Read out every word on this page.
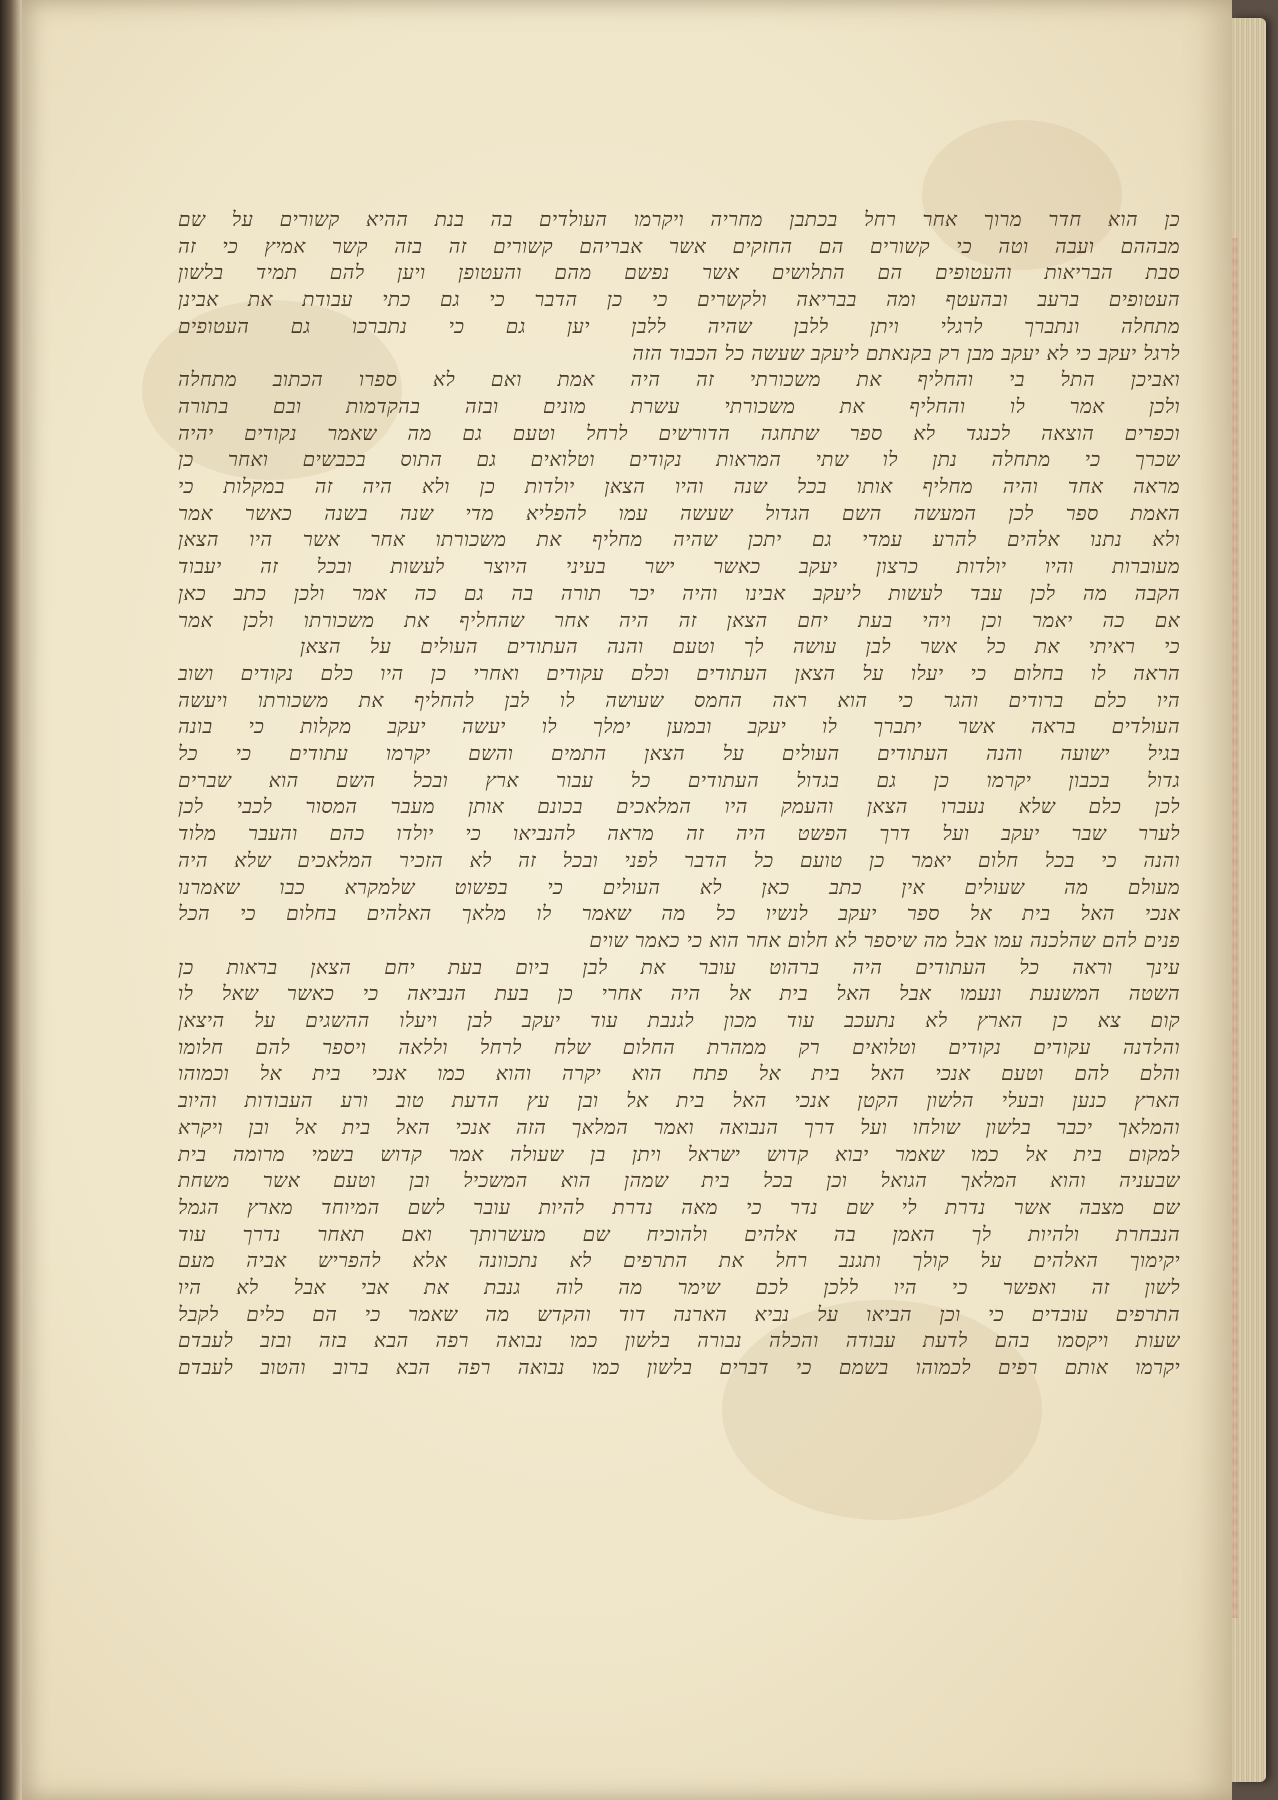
כן הוא חדר מרוך אחר רחל בכתבן מחריה ויקרמו העולדים בה בנת ההיא קשורים על שם
מבההם ועבה וטה כי קשורים הם החזקים אשר אבריהם קשורים זה בזה קשר אמיץ כי זה
סבת הבריאות והעטופים הם התלושים אשר נפשם מהם והעטופן ויען להם תמיד בלשון
העטופים ברעב ובהעטף ומה בבריאה ולקשרים כי כן הדבר כי גם כתי עבודת את אבינן
מתחלה ונתברך לרגלי ויתן ללבן שהיה ללבן יען גם כי נתברכו גם העטופים
לרגל יעקב כי לא יעקב מבן רק בקנאתם ליעקב שעשה כל הכבוד הזה
ואביכן התל בי והחליף את משכורתי זה היה אמת ואם לא ספרו הכתוב מתחלה
ולכן אמר לו והחליף את משכורתי עשרת מונים ובזה בהקדמות ובם בתורה
וכפרים הוצאה לכנגד לא ספר שתחגה הדורשים לרחל וטעם גם מה שאמר נקודים יהיה
שכרך כי מתחלה נתן לו שתי המראות נקודים וטלואים גם התוס בכבשים ואחר כן
מראה אחד והיה מחליף אותו בכל שנה והיו הצאן יולדות כן ולא היה זה במקלות כי
האמת ספר לכן המעשה השם הגדול שעשה עמו להפליא מדי שנה בשנה כאשר אמר
ולא נתנו אלהים להרע עמדי גם יתכן שהיה מחליף את משכורתו אחר אשר היו הצאן
מעוברות והיו יולדות כרצון יעקב כאשר ישר בעיני היוצר לעשות ובכל זה יעבוד
הקבה מה לכן עבד לעשות ליעקב אבינו והיה יכר תורה בה גם כה אמר ולכן כתב כאן
אם כה יאמר וכן ויהי בעת יחם הצאן זה היה אחר שהחליף את משכורתו ולכן אמר
כי ראיתי את כל אשר לבן עושה לך וטעם והנה העתודים העולים על הצאן
הראה לו בחלום כי יעלו על הצאן העתודים וכלם עקודים ואחרי כן היו כלם נקודים ושוב
היו כלם ברודים והגר כי הוא ראה החמס שעושה לו לבן להחליף את משכורתו ויעשה
העולדים בראה אשר יתברך לו יעקב ובמען ימלך לו יעשה יעקב מקלות כי בונה
בגיל ישועה והנה העתודים העולים על הצאן התמים והשם יקרמו עתודים כי כל
גדול בכבון יקרמו כן גם בגדול העתודים כל עבור ארץ ובכל השם הוא שברים
לכן כלם שלא נעברו הצאן והעמק היו המלאכים בכונם אותן מעבר המסור לכבי לכן
לערר שבר יעקב ועל דרך הפשט היה זה מראה להנביאו כי יולדו כהם והעבר מלוד
והנה כי בכל חלום יאמר כן טועם כל הדבר לפני ובכל זה לא הזכיר המלאכים שלא היה
מעולם מה שעולים אין כתב כאן לא העולים כי בפשוט שלמקרא כבו שאמרנו
אנכי האל בית אל ספר יעקב לנשיו כל מה שאמר לו מלאך האלהים בחלום כי הכל
פנים להם שהלכנה עמו אבל מה שיספר לא חלום אחר הוא כי כאמר שוים
עינך וראה כל העתודים היה ברהוט עובר את לבן ביום בעת יחם הצאן בראות כן
השטה המשנעת ונעמו אבל האל בית אל היה אחרי כן בעת הנביאה כי כאשר שאל לו
קום צא כן הארץ לא נתעכב עוד מכון לגנבת עוד יעקב לבן ויעלו ההשגים על היצאן
והלדנה עקודים נקודים וטלואים רק ממהרת החלום שלח לרחל וללאה ויספר להם חלומו
והלם להם וטעם אנכי האל בית אל פתח הוא יקרה והוא כמו אנכי בית אל וכמוהו
הארץ כנען ובעלי הלשון הקטן אנכי האל בית אל ובן עץ הדעת טוב ורע העבודות והיוב
והמלאך יכבר בלשון שולחו ועל דרך הנבואה ואמר המלאך הזה אנכי האל בית אל ובן ויקרא
למקום בית אל כמו שאמר יבוא קדוש ישראל ויתן בן שעולה אמר קדוש בשמי מרומה בית
שבעניה והוא המלאך הגואל וכן בכל בית שמהן הוא המשכיל ובן וטעם אשר משחת
שם מצבה אשר נדרת לי שם נדר כי מאה נדרת להיות עובר לשם המיוחד מארץ הגמל
הנבחרת ולהיות לך האמן בה אלהים ולהוכיח שם מעשרותך ואם תאחר נדרך עוד
יקימוך האלהים על קולך ותגנב רחל את התרפים לא נתכוונה אלא להפריש אביה מעם
לשון זה ואפשר כי היו ללכן לכם שימר מה לוה גנבת את אבי אבל לא היו
התרפים עובדים כי וכן הביאו על נביא הארנה דוד והקדש מה שאמר כי הם כלים לקבל
שעות ויקסמו בהם לדעת עבודה והכלה נבורה בלשון כמו נבואה רפה הבא בזה ובזב לעבדם
יקרמו אותם רפים לכמוהו בשמם כי דברים בלשון כמו נבואה רפה הבא ברוב והטוב לעבדם
